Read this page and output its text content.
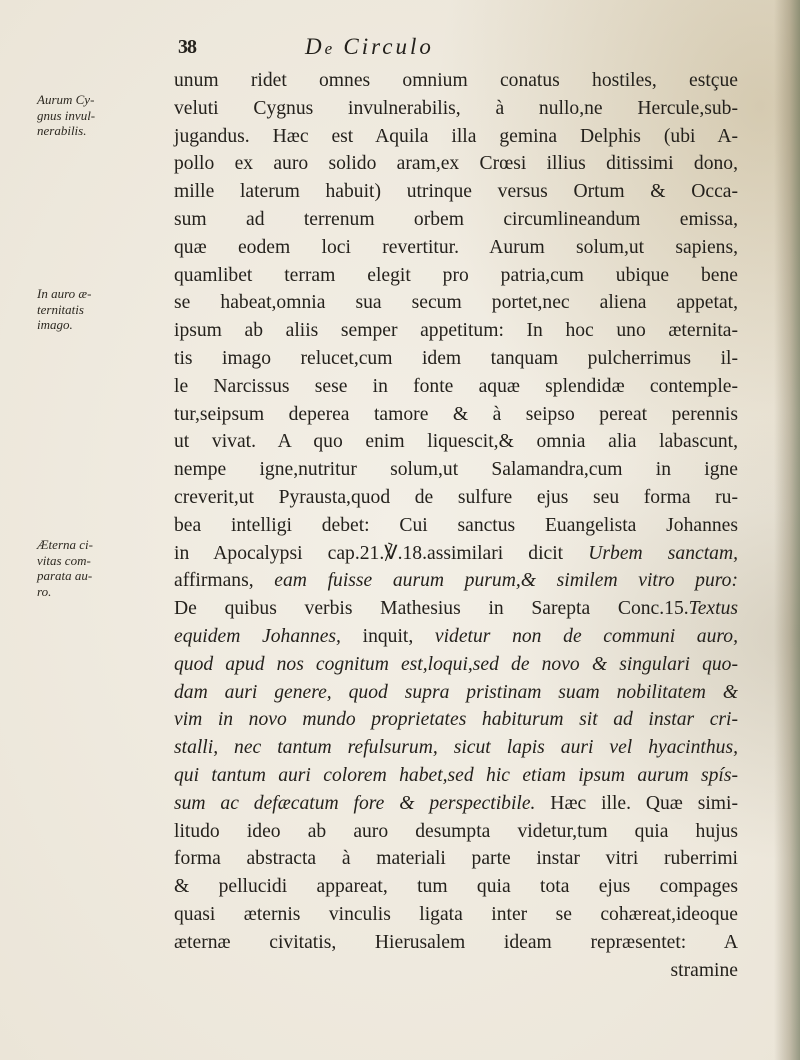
38	De Circulo
Aurum Cy-
gnus invul-
nerabilis.
In auro æ-
ternitatis
imago.
Æterna ci-
vitas com-
parata au-
ro.
unum ridet omnes omnium conatus hostiles, estçue
veluti Cygnus invulnerabilis, à nullo,ne Hercule,sub-
jugandus. Hæc est Aquila illa gemina Delphis (ubi A-
pollo ex auro solido aram,ex Crœsi illius ditissimi dono,
mille laterum habuit) utrinque versus Ortum & Occa-
sum ad terrenum orbem circumlineandum emissa,
quæ eodem loci revertitur. Aurum solum,ut sapiens,
quamlibet terram elegit pro patria,cum ubique bene
se habeat,omnia sua secum portet,nec aliena appetat,
ipsum ab aliis semper appetitum: In hoc uno æternita-
tis imago relucet,cum idem tanquam pulcherrimus il-
le Narcissus sese in fonte aquæ splendidæ contemple-
tur,seipsum deperea tamore & à seipso pereat perennis
ut vivat. A quo enim liquescit,& omnia alia labascunt,
nempe igne,nutritur solum,ut Salamandra,cum in igne
creverit,ut Pyrausta,quod de sulfure ejus seu forma ru-
bea intelligi debet: Cui sanctus Euangelista Johannes
in Apocalypsi cap.21.℣.18.assimilari dicit Urbem sanctam,
affirmans, eam fuisse aurum purum,& similem vitro puro:
De quibus verbis Mathesius in Sarepta Conc.15.Textus
equidem Johannes, inquit, videtur non de communi auro,
quod apud nos cognitum est,loqui,sed de novo & singulari quo-
dam auri genere, quod supra pristinam suam nobilitatem &
vim in novo mundo proprietates habiturum sit ad instar cri-
stalli, nec tantum refulsurum, sicut lapis auri vel hyacinthus,
qui tantum auri colorem habet,sed hic etiam ipsum aurum spís-
sum ac defæcatum fore & perspectibile. Hæc ille. Quæ simi-
litudo ideo ab auro desumpta videtur,tum quia hujus
forma abstracta à materiali parte instar vitri ruberrimi
& pellucidi appareat, tum quia tota ejus compages
quasi æternis vinculis ligata inter se cohæreat,ideoque
æternæ civitatis, Hierusalem ideam repræsentet: A
stramine
